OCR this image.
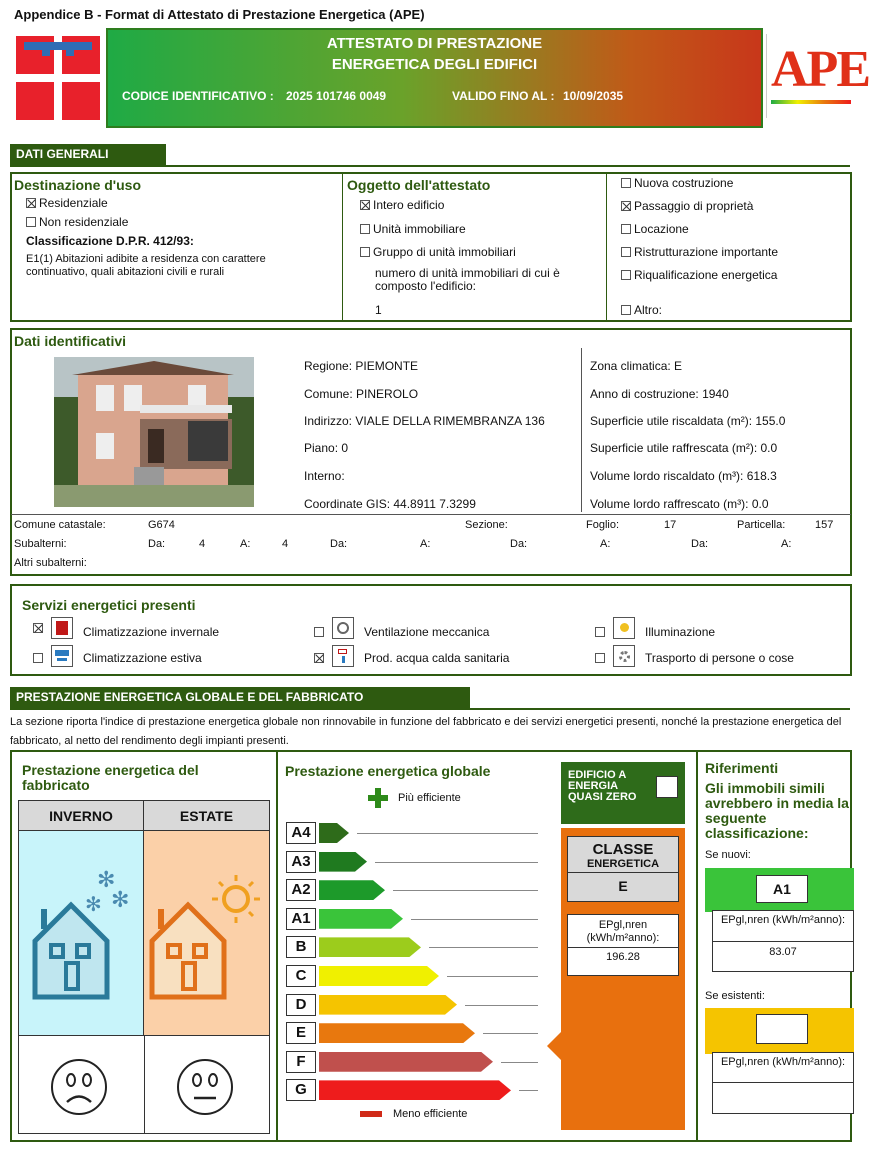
Appendice B - Format di Attestato di Prestazione Energetica (APE)
ATTESTATO DI PRESTAZIONE
ENERGETICA DEGLI EDIFICI
CODICE IDENTIFICATIVO : 2025 101746 0049	VALIDO FINO AL : 10/09/2035	APE
DATI GENERALI
Destinazione d'uso
Residenziale
Non residenziale
Classificazione D.P.R. 412/93:
E1(1) Abitazioni adibite a residenza con carattere continuativo, quali abitazioni civili e rurali
Oggetto dell'attestato
Intero edificio
Unità immobiliare
Gruppo di unità immobiliari
numero di unità immobiliari di cui è composto l'edificio:
1
Nuova costruzione
Passaggio di proprietà
Locazione
Ristrutturazione importante
Riqualificazione energetica
Altro:
Dati identificativi
Regione: PIEMONTE
Comune: PINEROLO
Indirizzo: VIALE DELLA RIMEMBRANZA 136
Piano: 0
Interno:
Coordinate GIS: 44.8911 7.3299
Zona climatica: E
Anno di costruzione: 1940
Superficie utile riscaldata (m²): 155.0
Superficie utile raffrescata (m²): 0.0
Volume lordo riscaldato (m³): 618.3
Volume lordo raffrescato (m³): 0.0
Comune catastale:	G674	Sezione:	Foglio:	17	Particella:	157
Subalterni:	Da:	4	A:	4	Da:	A:	Da:	A:	Da:	A:
Altri subalterni:
Servizi energetici presenti
Climatizzazione invernale
Climatizzazione estiva
Ventilazione meccanica
Prod. acqua calda sanitaria
Illuminazione
Trasporto di persone o cose
PRESTAZIONE ENERGETICA GLOBALE E DEL FABBRICATO
La sezione riporta l'indice di prestazione energetica globale non rinnovabile in funzione del fabbricato e dei servizi energetici presenti, nonché la prestazione energetica del fabbricato, al netto del rendimento degli impianti presenti.
Prestazione energetica del fabbricato
INVERNO	ESTATE
✻
✻
✻
Prestazione energetica globale
Più efficiente
A4
A3
A2
A1
B
C
D
E
F
G
Meno efficiente
EDIFICIO A ENERGIA QUASI ZERO
CLASSE
ENERGETICA
E
EPgl,nren (kWh/m²anno):
196.28
Riferimenti
Gli immobili simili avrebbero in media la seguente classificazione:
Se nuovi:
A1
EPgl,nren (kWh/m²anno):
83.07
Se esistenti:
EPgl,nren (kWh/m²anno):
